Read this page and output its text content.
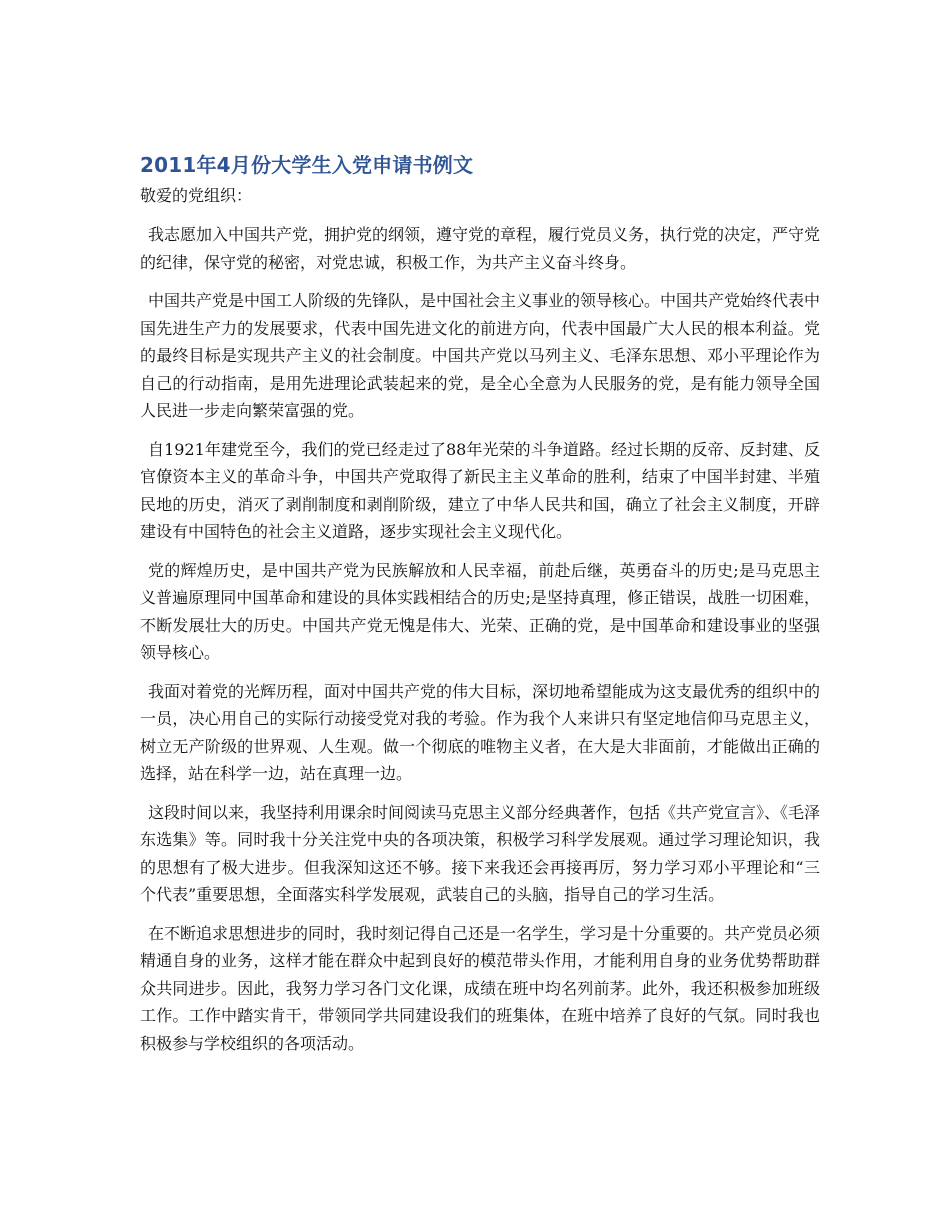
2011年4月份大学生入党申请书例文

敬爱的党组织：

我志愿加入中国共产党，拥护党的纲领，遵守党的章程，履行党员义务，执行党的决定，严守党的纪律，保守党的秘密，对党忠诚，积极工作，为共产主义奋斗终身。

中国共产党是中国工人阶级的先锋队，是中国社会主义事业的领导核心。中国共产党始终代表中国先进生产力的发展要求，代表中国先进文化的前进方向，代表中国最广大人民的根本利益。党的最终目标是实现共产主义的社会制度。中国共产党以马列主义、毛泽东思想、邓小平理论作为自己的行动指南，是用先进理论武装起来的党，是全心全意为人民服务的党，是有能力领导全国人民进一步走向繁荣富强的党。

自1921年建党至今，我们的党已经走过了88年光荣的斗争道路。经过长期的反帝、反封建、反官僚资本主义的革命斗争，中国共产党取得了新民主主义革命的胜利，结束了中国半封建、半殖民地的历史，消灭了剥削制度和剥削阶级，建立了中华人民共和国，确立了社会主义制度，开辟建设有中国特色的社会主义道路，逐步实现社会主义现代化。

党的辉煌历史，是中国共产党为民族解放和人民幸福，前赴后继，英勇奋斗的历史;是马克思主义普遍原理同中国革命和建设的具体实践相结合的历史;是坚持真理，修正错误，战胜一切困难，不断发展壮大的历史。中国共产党无愧是伟大、光荣、正确的党，是中国革命和建设事业的坚强领导核心。

我面对着党的光辉历程，面对中国共产党的伟大目标，深切地希望能成为这支最优秀的组织中的一员，决心用自己的实际行动接受党对我的考验。作为我个人来讲只有坚定地信仰马克思主义，树立无产阶级的世界观、人生观。做一个彻底的唯物主义者，在大是大非面前，才能做出正确的选择，站在科学一边，站在真理一边。

这段时间以来，我坚持利用课余时间阅读马克思主义部分经典著作，包括《共产党宣言》、《毛泽东选集》等。同时我十分关注党中央的各项决策，积极学习科学发展观。通过学习理论知识，我的思想有了极大进步。但我深知这还不够。接下来我还会再接再厉，努力学习邓小平理论和“三个代表”重要思想，全面落实科学发展观，武装自己的头脑，指导自己的学习生活。

在不断追求思想进步的同时，我时刻记得自己还是一名学生，学习是十分重要的。共产党员必须精通自身的业务，这样才能在群众中起到良好的模范带头作用，才能利用自身的业务优势帮助群众共同进步。因此，我努力学习各门文化课，成绩在班中均名列前茅。此外，我还积极参加班级工作。工作中踏实肯干，带领同学共同建设我们的班集体，在班中培养了良好的气氛。同时我也积极参与学校组织的各项活动。
